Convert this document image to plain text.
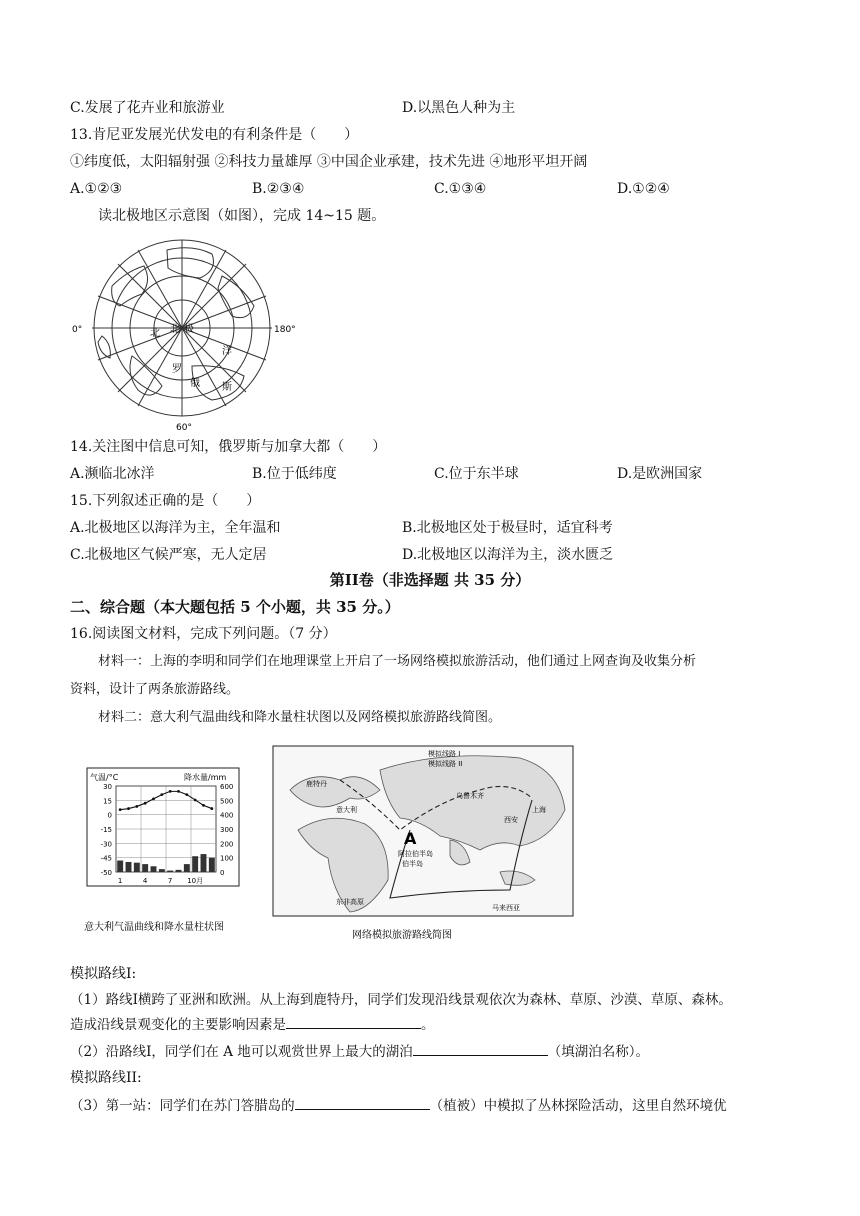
C.发展了花卉业和旅游业	D.以黑色人种为主
13.肯尼亚发展光伏发电的有利条件是（　　）
①纬度低，太阳辐射强 ②科技力量雄厚 ③中国企业承建，技术先进 ④地形平坦开阔
A.①②③	B.②③④	C.①③④	D.①②④
读北极地区示意图（如图），完成 14~15 题。
0°	180°
60°
北 北 极
洋
俄
罗
斯
14.关注图中信息可知，俄罗斯与加拿大都（　　）
A.濒临北冰洋	B.位于低纬度	C.位于东半球	D.是欧洲国家
15.下列叙述正确的是（　　）
A.北极地区以海洋为主，全年温和	B.北极地区处于极昼时，适宜科考
C.北极地区气候严寒，无人定居	D.北极地区以海洋为主，淡水匮乏
第II卷（非选择题 共 35 分）
二、综合题（本大题包括 5 个小题，共 35 分。）
16.阅读图文材料，完成下列问题。（7 分）
材料一：上海的李明和同学们在地理课堂上开启了一场网络模拟旅游活动，他们通过上网查询及收集分析
资料，设计了两条旅游路线。
材料二：意大利气温曲线和降水量柱状图以及网络模拟旅游路线简图。
气温/°C	降水量/mm
30
15
0
-15
-30
-45
-50
600
500
400
300
200
100
0
1	4	7 10月
意大利气温曲线和降水量柱状图
模拟线路 I
模拟线路 II
鹿特丹
意大利
乌鲁木齐
西安
上海
A
阿拉伯半岛
伯半岛
东非高原
马来西亚
网络模拟旅游路线简图
模拟路线I:
（1）路线I横跨了亚洲和欧洲。从上海到鹿特丹，同学们发现沿线景观依次为森林、草原、沙漠、草原、森林。
造成沿线景观变化的主要影响因素是	。
（2）沿路线I，同学们在 A 地可以观赏世界上最大的湖泊	（填湖泊名称）。
模拟路线II:
（3）第一站：同学们在苏门答腊岛的	（植被）中模拟了丛林探险活动，这里自然环境优
